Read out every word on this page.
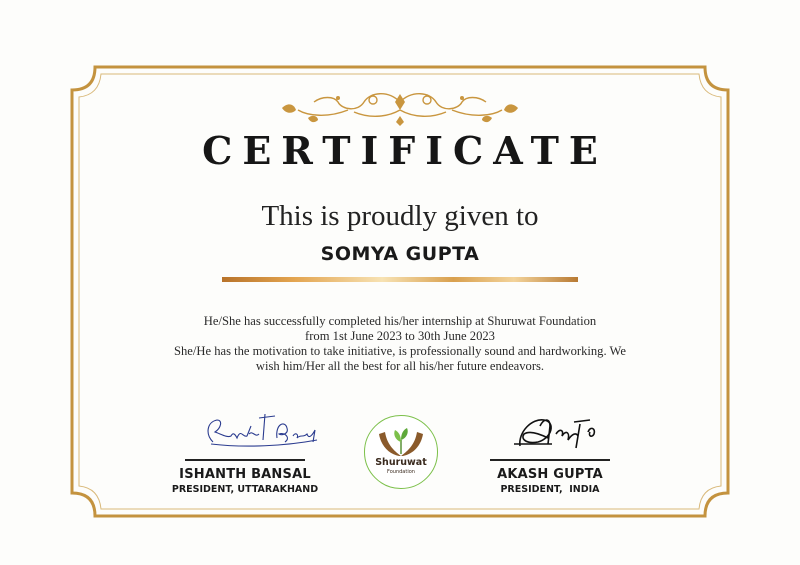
CERTIFICATE
This is proudly given to
SOMYA GUPTA
He/She has successfully completed his/her internship at Shuruwat Foundation
from 1st June 2023 to 30th June 2023
She/He has the motivation to take initiative, is professionally sound and hardworking. We
wish him/Her all the best for all his/her future endeavors.
ISHANTH BANSAL
PRESIDENT, UTTARAKHAND
AKASH GUPTA
PRESIDENT,  INDIA
Shuruwat
Foundation
